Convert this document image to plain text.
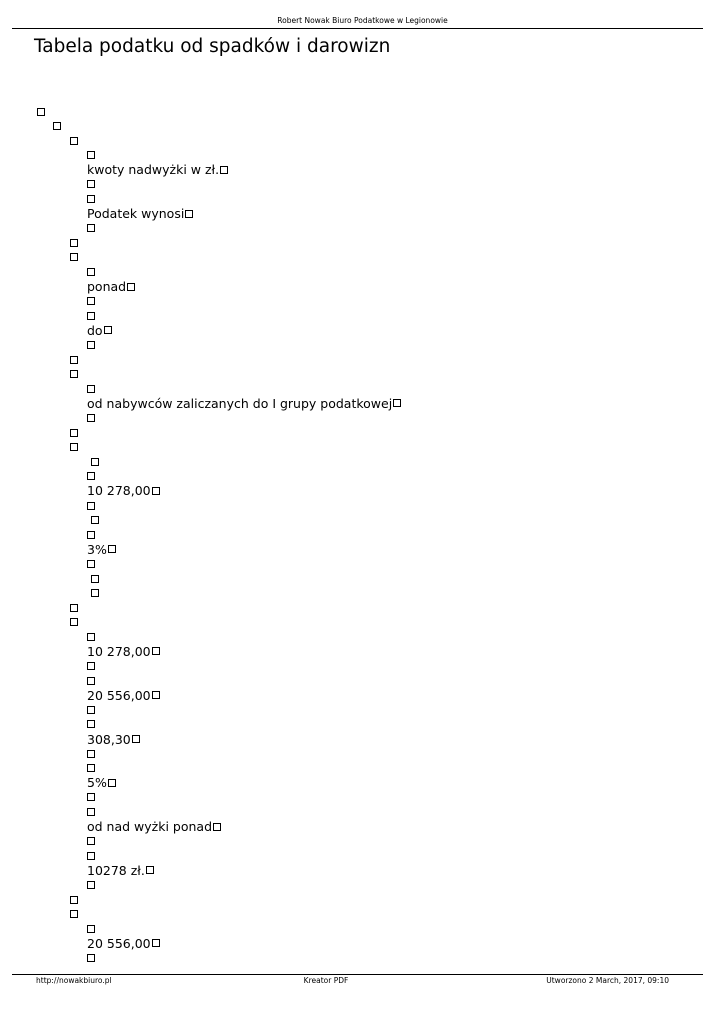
Robert Nowak Biuro Podatkowe w Legionowie
Tabela podatku od spadków i darowizn
kwoty nadwyżki w zł.
Podatek wynosi
ponad
do
od nabywców zaliczanych do I grupy podatkowej
10 278,00
3%
10 278,00
20 556,00
308,30
5%
od nad wyżki ponad
10278 zł.
20 556,00
http://nowakbiuro.pl	Kreator PDF	Utworzono 2 March, 2017, 09:10
